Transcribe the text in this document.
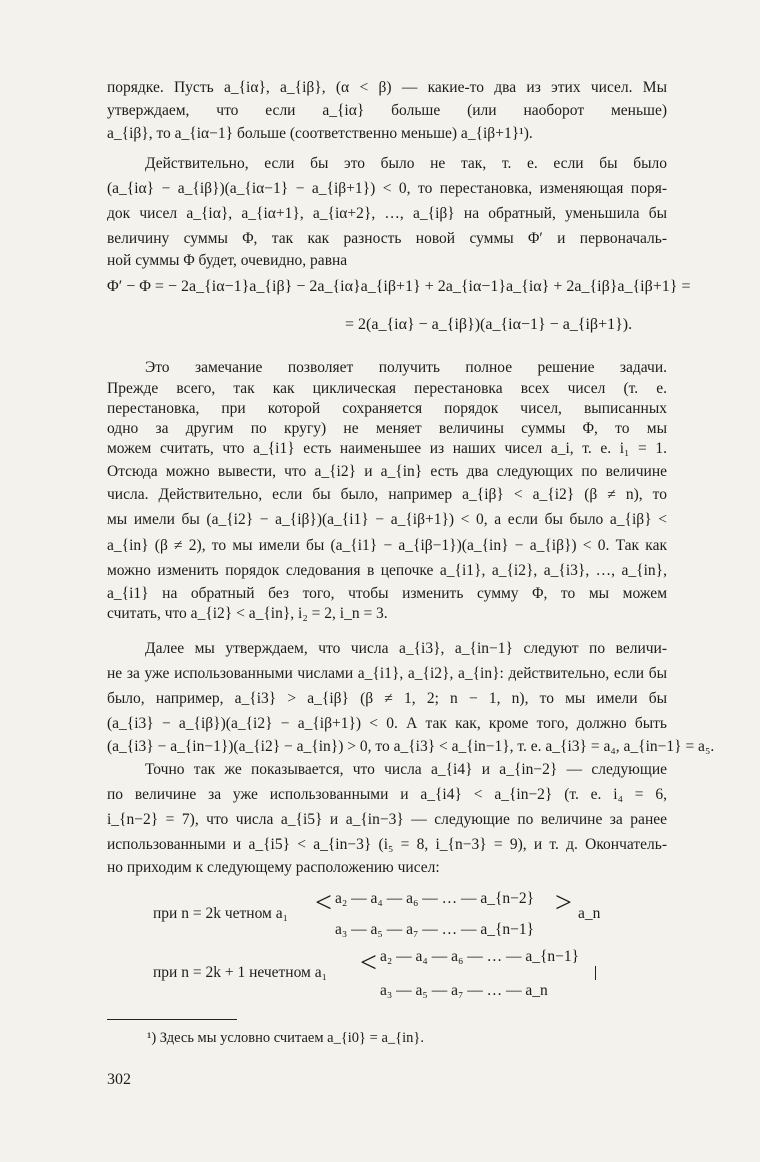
порядке. Пусть a_{iα}, a_{iβ}, (α < β) — какие-то два из этих чисел. Мы

утверждаем, что если a_{iα} больше (или наоборот меньше)

a_{iβ}, то a_{iα−1} больше (соответственно меньше) a_{iβ+1}¹).

Действительно, если бы это было не так, т. е. если бы было

(a_{iα} − a_{iβ})(a_{iα−1} − a_{iβ+1}) < 0, то перестановка, изменяющая поря-

док чисел a_{iα}, a_{iα+1}, a_{iα+2}, …, a_{iβ} на обратный, уменьшила бы

величину суммы Φ, так как разность новой суммы Φ′ и первоначаль-

ной суммы Φ будет, очевидно, равна

Φ′ − Φ = − 2a_{iα−1}a_{iβ} − 2a_{iα}a_{iβ+1} + 2a_{iα−1}a_{iα} + 2a_{iβ}a_{iβ+1} =

= 2(a_{iα} − a_{iβ})(a_{iα−1} − a_{iβ+1}).

Это замечание позволяет получить полное решение задачи.

Прежде всего, так как циклическая перестановка всех чисел (т. е.

перестановка, при которой сохраняется порядок чисел, выписанных

одно за другим по кругу) не меняет величины суммы Φ, то мы

можем считать, что a_{i1} есть наименьшее из наших чисел a_i, т. е. i₁ = 1.

Отсюда можно вывести, что a_{i2} и a_{in} есть два следующих по величине

числа. Действительно, если бы было, например a_{iβ} < a_{i2} (β ≠ n), то

мы имели бы (a_{i2} − a_{iβ})(a_{i1} − a_{iβ+1}) < 0, а если бы было a_{iβ} <

a_{in} (β ≠ 2), то мы имели бы (a_{i1} − a_{iβ−1})(a_{in} − a_{iβ}) < 0. Так как

можно изменить порядок следования в цепочке a_{i1}, a_{i2}, a_{i3}, …, a_{in},

a_{i1} на обратный без того, чтобы изменить сумму Φ, то мы можем

считать, что a_{i2} < a_{in}, i₂ = 2, i_n = 3.

Далее мы утверждаем, что числа a_{i3}, a_{in−1} следуют по величи-

не за уже использованными числами a_{i1}, a_{i2}, a_{in}: действительно, если бы

было, например, a_{i3} > a_{iβ} (β ≠ 1, 2; n − 1, n), то мы имели бы

(a_{i3} − a_{iβ})(a_{i2} − a_{iβ+1}) < 0. А так как, кроме того, должно быть

(a_{i3} − a_{in−1})(a_{i2} − a_{in}) > 0, то a_{i3} < a_{in−1}, т. е. a_{i3} = a₄, a_{in−1} = a₅.

Точно так же показывается, что числа a_{i4} и a_{in−2} — следующие

по величине за уже использованными и a_{i4} < a_{in−2} (т. е. i₄ = 6,

i_{n−2} = 7), что числа a_{i5} и a_{in−3} — следующие по величине за ранее

использованными и a_{i5} < a_{in−3} (i₅ = 8, i_{n−3} = 9), и т. д. Окончатель-

но приходим к следующему расположению чисел:

при n = 2k четном a₁ < a₂ — a₄ — a₆ — … — a_{n−2}

a₃ — a₅ — a₇ — … — a_{n−1}

> a_n

при n = 2k + 1 нечетном a₁ < a₂ — a₄ — a₆ — … — a_{n−1}

a₃ — a₅ — a₇ — … — a_n

¹) Здесь мы условно считаем a_{i0} = a_{in}.

302
